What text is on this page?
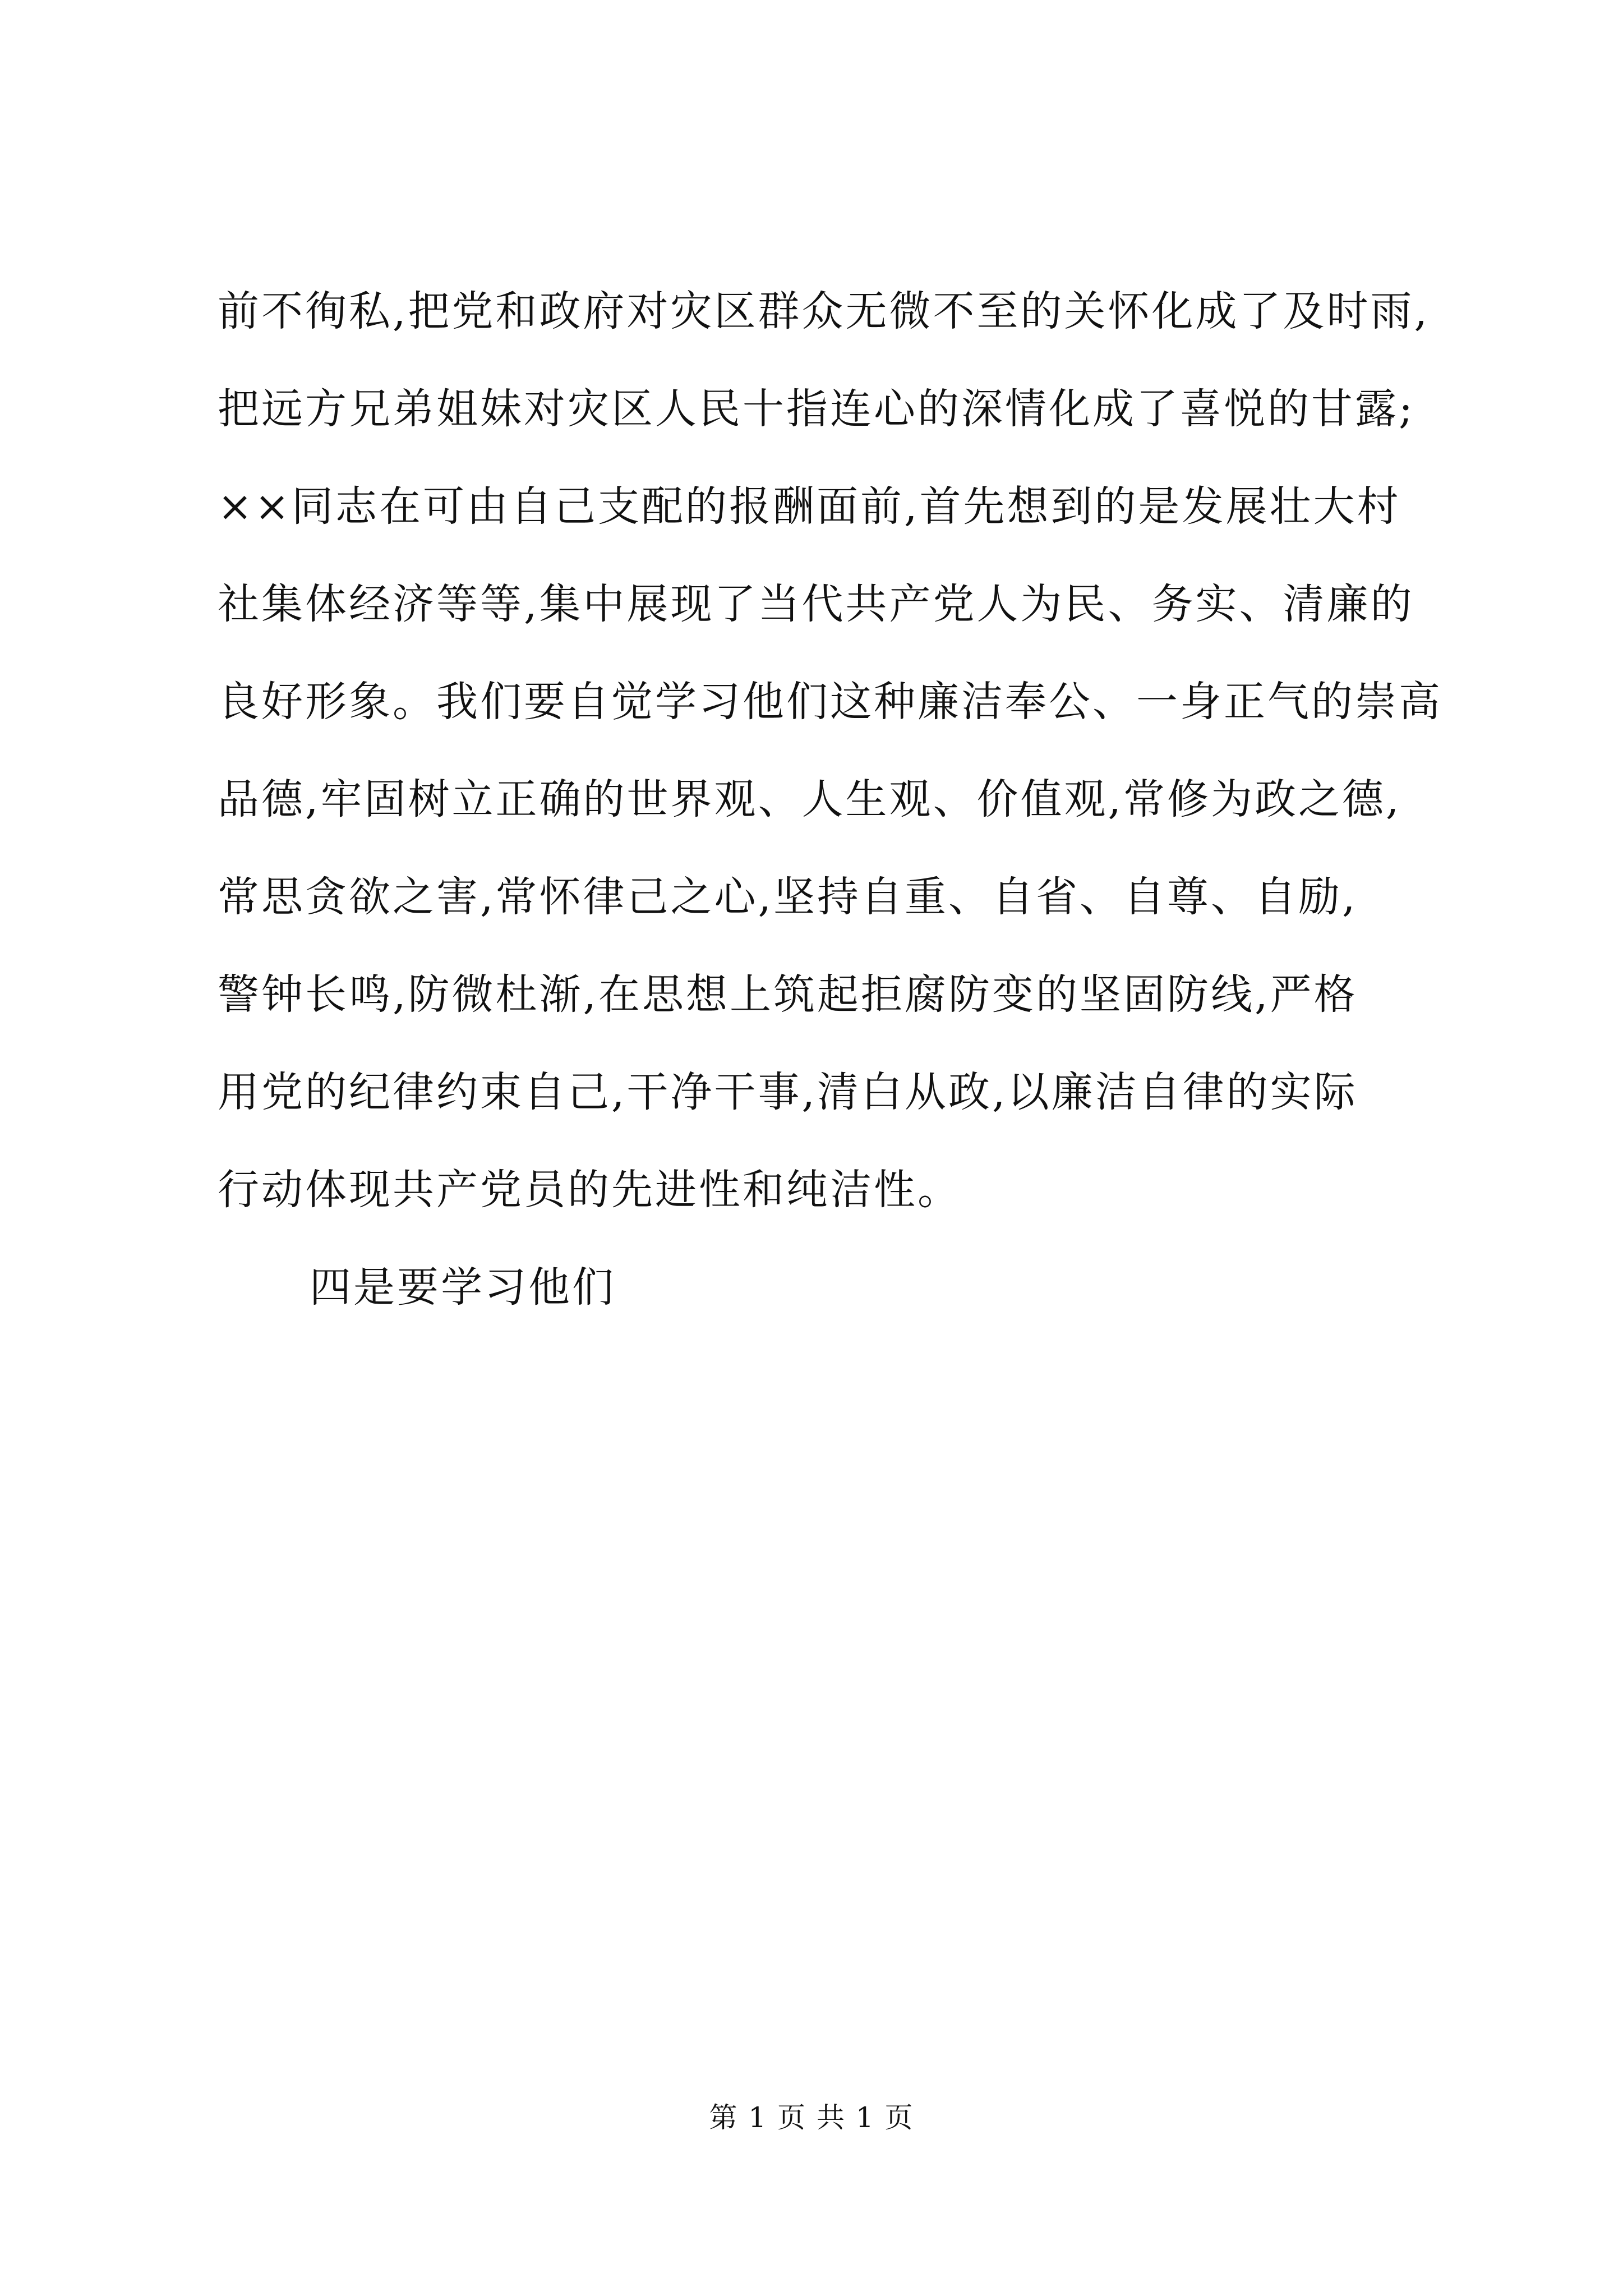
前不徇私,把党和政府对灾区群众无微不至的关怀化成了及时雨,
把远方兄弟姐妹对灾区人民十指连心的深情化成了喜悦的甘露;
××同志在可由自己支配的报酬面前,首先想到的是发展壮大村
社集体经济等等,集中展现了当代共产党人为民、务实、清廉的
良好形象。我们要自觉学习他们这种廉洁奉公、一身正气的崇高
品德,牢固树立正确的世界观、人生观、价值观,常修为政之德,
常思贪欲之害,常怀律己之心,坚持自重、自省、自尊、自励,
警钟长鸣,防微杜渐,在思想上筑起拒腐防变的坚固防线,严格
用党的纪律约束自己,干净干事,清白从政,以廉洁自律的实际
行动体现共产党员的先进性和纯洁性。
四是要学习他们
第 1 页 共 1 页
